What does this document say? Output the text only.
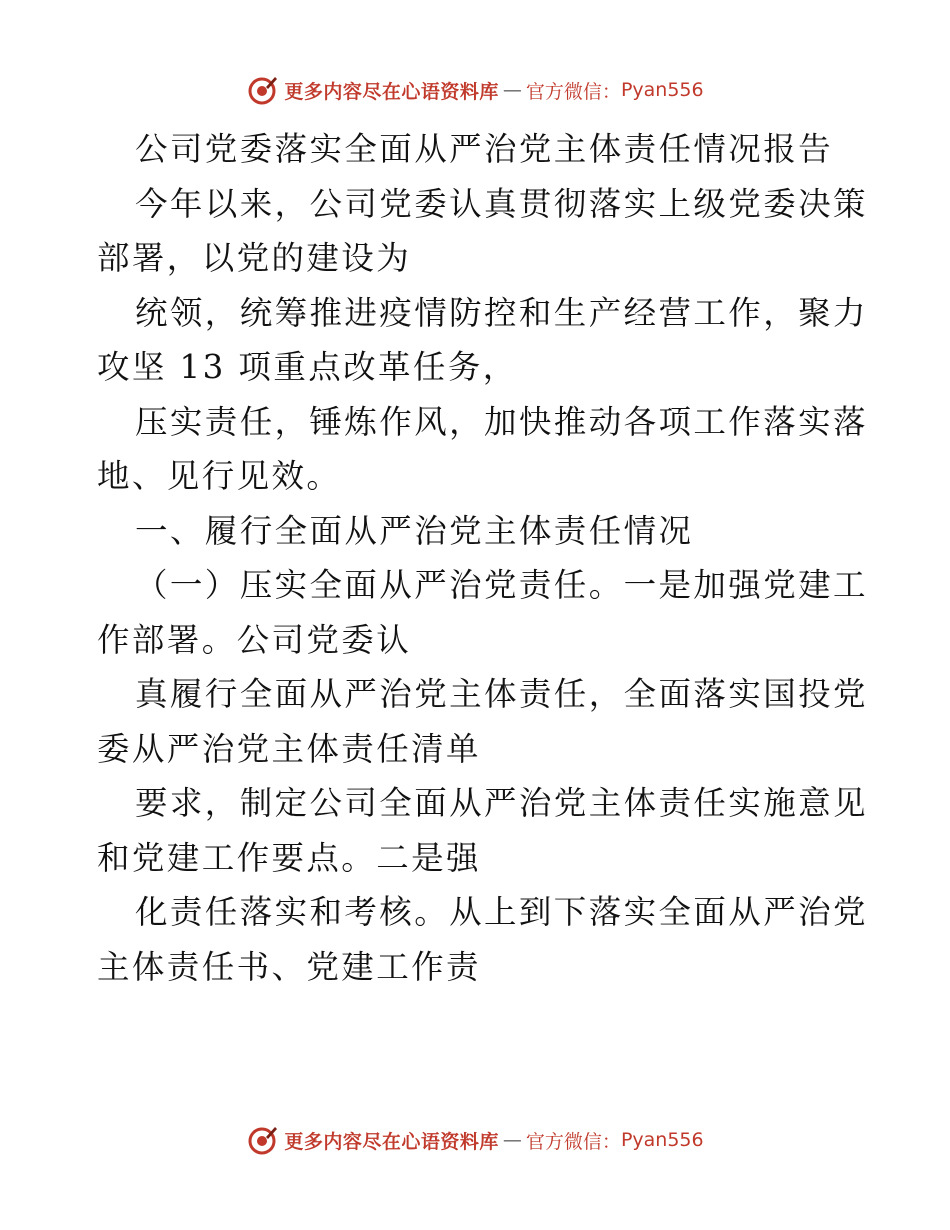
更多内容尽在心语资料库 — 官方微信： Pyan556
公司党委落实全面从严治党主体责任情况报告
今年以来，公司党委认真贯彻落实上级党委决策
部署，以党的建设为
统领，统筹推进疫情防控和生产经营工作，聚力
攻坚 13 项重点改革任务，
压实责任，锤炼作风，加快推动各项工作落实落
地、见行见效。
一、履行全面从严治党主体责任情况
（一）压实全面从严治党责任。一是加强党建工
作部署。公司党委认
真履行全面从严治党主体责任，全面落实国投党
委从严治党主体责任清单
要求，制定公司全面从严治党主体责任实施意见
和党建工作要点。二是强
化责任落实和考核。从上到下落实全面从严治党
主体责任书、党建工作责
更多内容尽在心语资料库 — 官方微信： Pyan556
